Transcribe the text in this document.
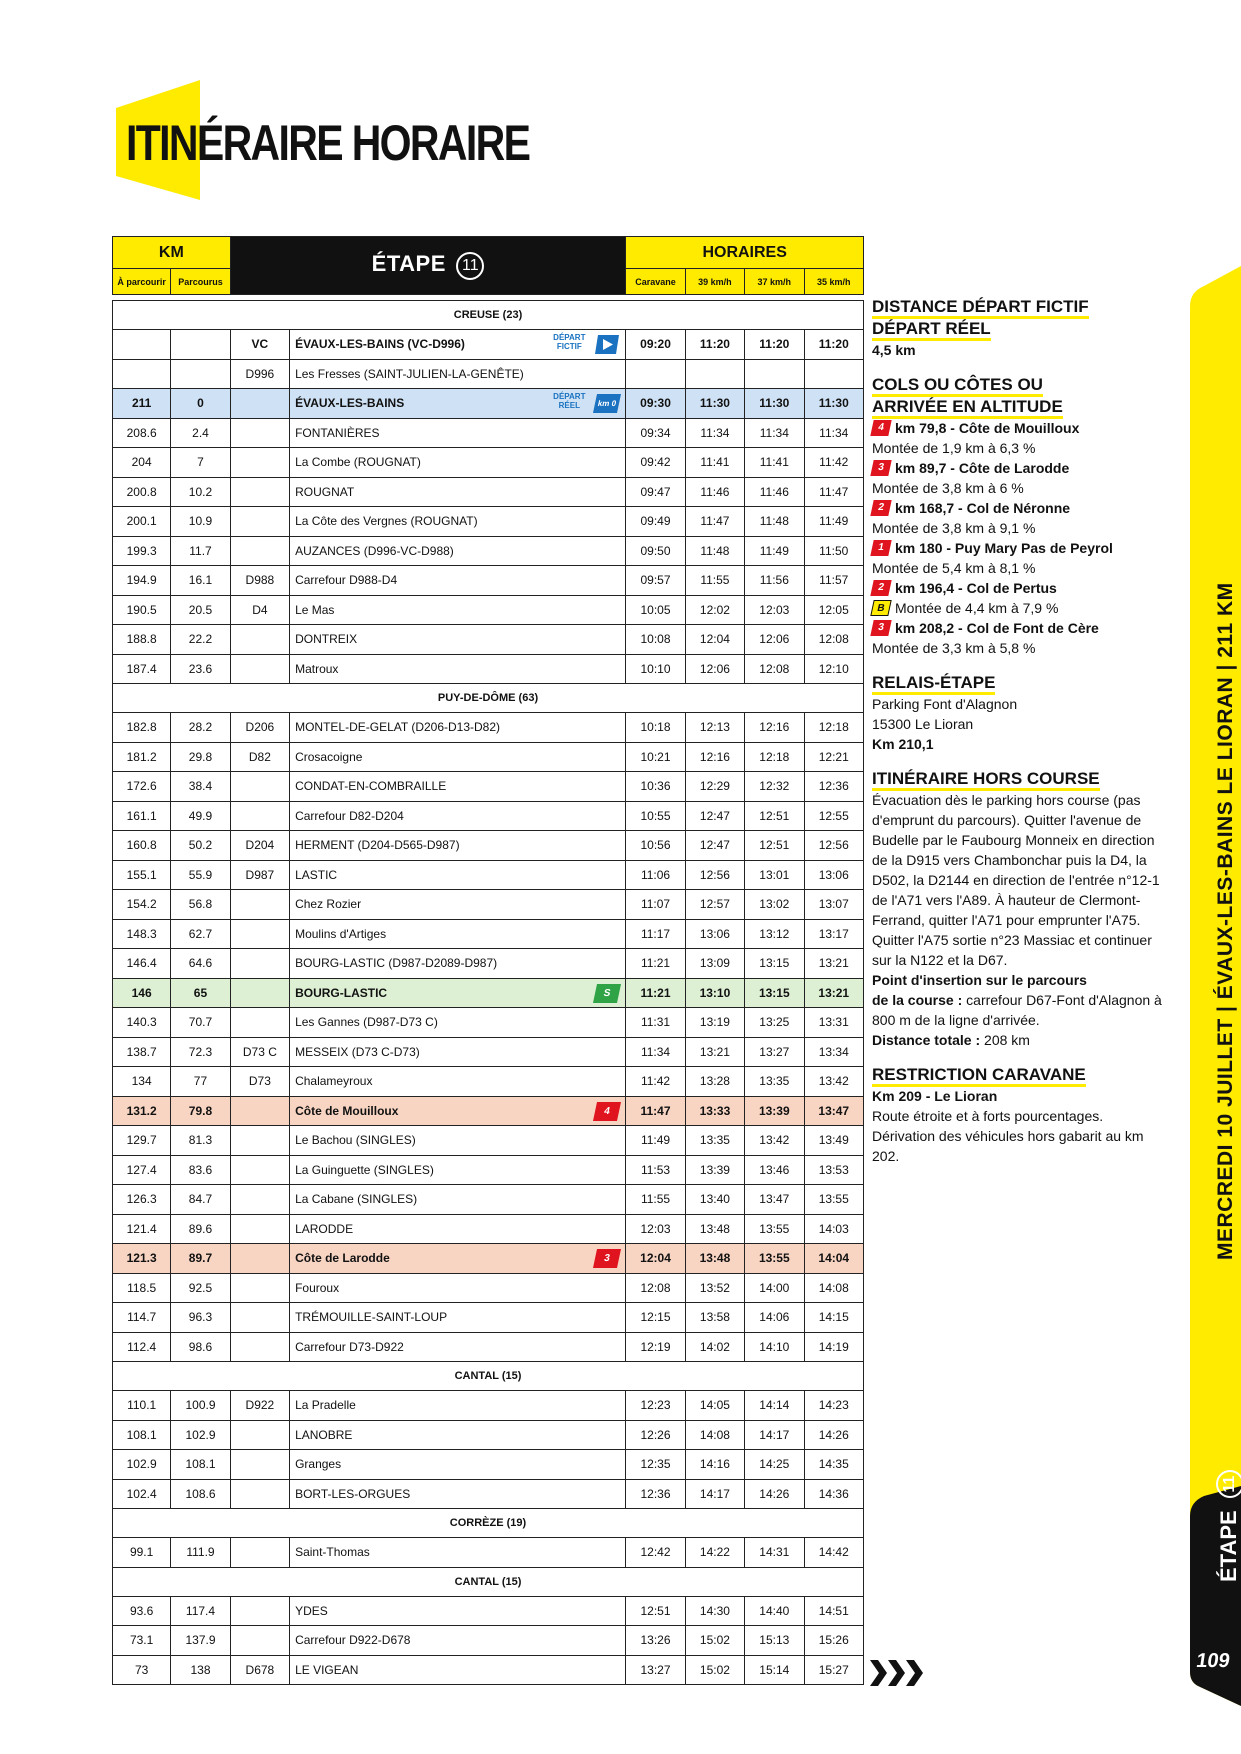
ITINÉRAIRE HORAIRE
KM		ÉTAPE 11		HORAIRES			
À parcourir	Parcourus			Caravane	39 km/h	37 km/h	35 km/h

CREUSE (23)							
		VC	ÉVAUX-LES-BAINS (VC-D996) DÉPART FICTIF	09:20	11:20	11:20	11:20
		D996	Les Fresses (SAINT-JULIEN-LA-GENÊTE)				
211	0		ÉVAUX-LES-BAINS DÉPART RÉEL km 0	09:30	11:30	11:30	11:30
208.6	2.4		FONTANIÈRES	09:34	11:34	11:34	11:34
204	7		La Combe (ROUGNAT)	09:42	11:41	11:41	11:42
200.8	10.2		ROUGNAT	09:47	11:46	11:46	11:47
200.1	10.9		La Côte des Vergnes (ROUGNAT)	09:49	11:47	11:48	11:49
199.3	11.7		AUZANCES (D996-VC-D988)	09:50	11:48	11:49	11:50
194.9	16.1	D988	Carrefour D988-D4	09:57	11:55	11:56	11:57
190.5	20.5	D4	Le Mas	10:05	12:02	12:03	12:05
188.8	22.2		DONTREIX	10:08	12:04	12:06	12:08
187.4	23.6		Matroux	10:10	12:06	12:08	12:10
PUY-DE-DÔME (63)							
182.8	28.2	D206	MONTEL-DE-GELAT (D206-D13-D82)	10:18	12:13	12:16	12:18
181.2	29.8	D82	Crosacoigne	10:21	12:16	12:18	12:21
172.6	38.4		CONDAT-EN-COMBRAILLE	10:36	12:29	12:32	12:36
161.1	49.9		Carrefour D82-D204	10:55	12:47	12:51	12:55
160.8	50.2	D204	HERMENT (D204-D565-D987)	10:56	12:47	12:51	12:56
155.1	55.9	D987	LASTIC	11:06	12:56	13:01	13:06
154.2	56.8		Chez Rozier	11:07	12:57	13:02	13:07
148.3	62.7		Moulins d'Artiges	11:17	13:06	13:12	13:17
146.4	64.6		BOURG-LASTIC (D987-D2089-D987)	11:21	13:09	13:15	13:21
146	65		BOURG-LASTIC S	11:21	13:10	13:15	13:21
140.3	70.7		Les Gannes (D987-D73 C)	11:31	13:19	13:25	13:31
138.7	72.3	D73 C	MESSEIX (D73 C-D73)	11:34	13:21	13:27	13:34
134	77	D73	Chalameyroux	11:42	13:28	13:35	13:42
131.2	79.8		Côte de Mouilloux 4	11:47	13:33	13:39	13:47
129.7	81.3		Le Bachou (SINGLES)	11:49	13:35	13:42	13:49
127.4	83.6		La Guinguette (SINGLES)	11:53	13:39	13:46	13:53
126.3	84.7		La Cabane (SINGLES)	11:55	13:40	13:47	13:55
121.4	89.6		LARODDE	12:03	13:48	13:55	14:03
121.3	89.7		Côte de Larodde 3	12:04	13:48	13:55	14:04
118.5	92.5		Fouroux	12:08	13:52	14:00	14:08
114.7	96.3		TRÉMOUILLE-SAINT-LOUP	12:15	13:58	14:06	14:15
112.4	98.6		Carrefour D73-D922	12:19	14:02	14:10	14:19
CANTAL (15)							
110.1	100.9	D922	La Pradelle	12:23	14:05	14:14	14:23
108.1	102.9		LANOBRE	12:26	14:08	14:17	14:26
102.9	108.1		Granges	12:35	14:16	14:25	14:35
102.4	108.6		BORT-LES-ORGUES	12:36	14:17	14:26	14:36
CORRÈZE (19)							
99.1	111.9		Saint-Thomas	12:42	14:22	14:31	14:42
CANTAL (15)							
93.6	117.4		YDES	12:51	14:30	14:40	14:51
73.1	137.9		Carrefour D922-D678	13:26	15:02	15:13	15:26
73	138	D678	LE VIGEAN	13:27	15:02	15:14	15:27
DISTANCE DÉPART FICTIF
DÉPART RÉEL
4,5 km
COLS OU CÔTES OU
ARRIVÉE EN ALTITUDE
4 km 79,8 - Côte de Mouilloux
Montée de 1,9 km à 6,3 %
3 km 89,7 - Côte de Larodde
Montée de 3,8 km à 6 %
2 km 168,7 - Col de Néronne
Montée de 3,8 km à 9,1 %
1 km 180 - Puy Mary Pas de Peyrol
Montée de 5,4 km à 8,1 %
2 km 196,4 - Col de Pertus
B Montée de 4,4 km à 7,9 %
3 km 208,2 - Col de Font de Cère
Montée de 3,3 km à 5,8 %
RELAIS-ÉTAPE
Parking Font d'Alagnon
15300 Le Lioran
Km 210,1
ITINÉRAIRE HORS COURSE
Évacuation dès le parking hors course (pas d'emprunt du parcours). Quitter l'avenue de Budelle par le Faubourg Monneix en direction de la D915 vers Chambonchar puis la D4, la D502, la D2144 en direction de l'entrée n°12-1 de l'A71 vers l'A89. À hauteur de Clermont-Ferrand, quitter l'A71 pour emprunter l'A75. Quitter l'A75 sortie n°23 Massiac et continuer sur la N122 et la D67.
Point d'insertion sur le parcours
de la course : carrefour D67-Font d'Alagnon à 800 m de la ligne d'arrivée.
Distance totale : 208 km
RESTRICTION CARAVANE
Km 209 - Le Lioran
Route étroite et à forts pourcentages. Dérivation des véhicules hors gabarit au km 202.	MERCREDI 10 JUILLET | ÉVAUX-LES-BAINS LE LIORAN | 211 KM
ÉTAPE 11
109
